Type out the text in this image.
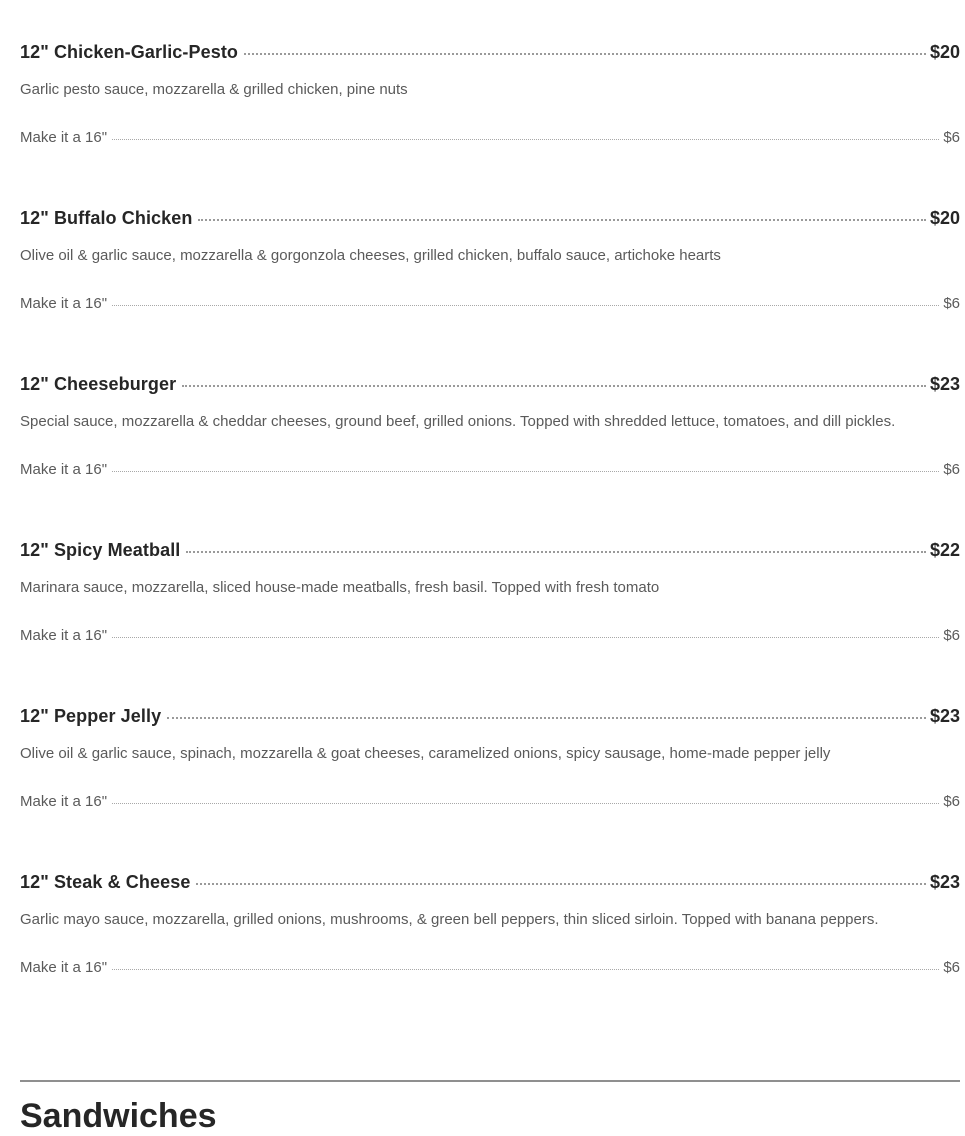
12" Chicken-Garlic-Pesto	$20
Garlic pesto sauce, mozzarella & grilled chicken, pine nuts
Make it a 16"	$6
12" Buffalo Chicken	$20
Olive oil & garlic sauce, mozzarella & gorgonzola cheeses, grilled chicken, buffalo sauce, artichoke hearts
Make it a 16"	$6
12" Cheeseburger	$23
Special sauce, mozzarella & cheddar cheeses, ground beef, grilled onions. Topped with shredded lettuce, tomatoes, and dill pickles.
Make it a 16"	$6
12" Spicy Meatball	$22
Marinara sauce, mozzarella, sliced house-made meatballs, fresh basil. Topped with fresh tomato
Make it a 16"	$6
12" Pepper Jelly	$23
Olive oil & garlic sauce, spinach, mozzarella & goat cheeses, caramelized onions, spicy sausage, home-made pepper jelly
Make it a 16"	$6
12" Steak & Cheese	$23
Garlic mayo sauce, mozzarella, grilled onions, mushrooms, & green bell peppers, thin sliced sirloin. Topped with banana peppers.
Make it a 16"	$6
Sandwiches
